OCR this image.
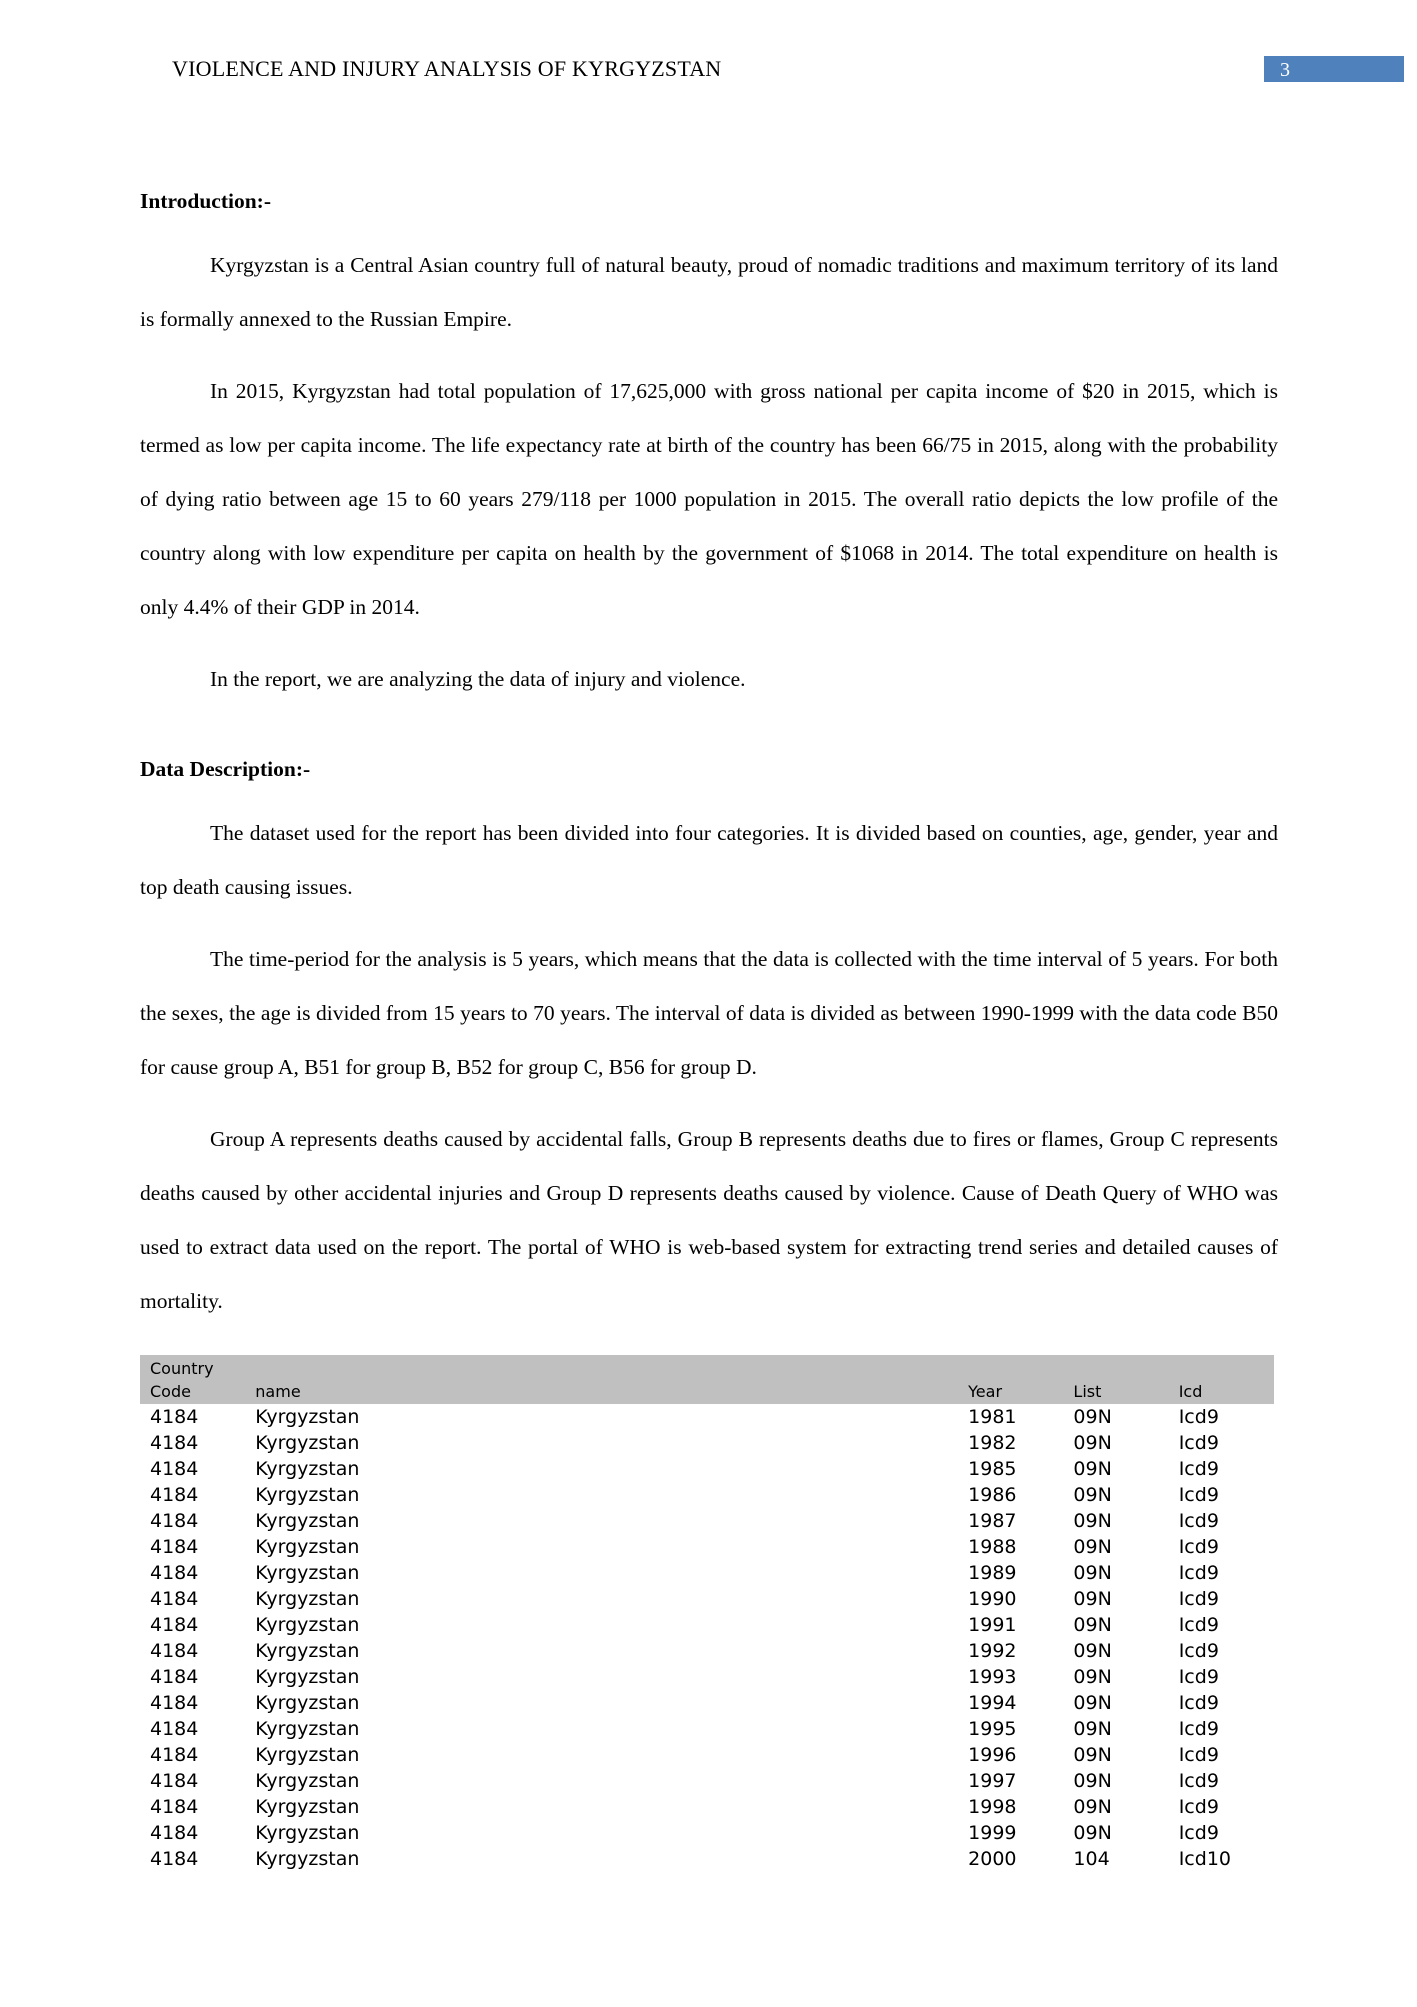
VIOLENCE AND INJURY ANALYSIS OF KYRGYZSTAN	3
Introduction:-

Kyrgyzstan is a Central Asian country full of natural beauty, proud of nomadic traditions and maximum territory of its land is formally annexed to the Russian Empire.

In 2015, Kyrgyzstan had total population of 17,625,000 with gross national per capita income of $20 in 2015, which is termed as low per capita income. The life expectancy rate at birth of the country has been 66/75 in 2015, along with the probability of dying ratio between age 15 to 60 years 279/118 per 1000 population in 2015. The overall ratio depicts the low profile of the country along with low expenditure per capita on health by the government of $1068 in 2014. The total expenditure on health is only 4.4% of their GDP in 2014.

In the report, we are analyzing the data of injury and violence.

Data Description:-

The dataset used for the report has been divided into four categories. It is divided based on counties, age, gender, year and top death causing issues.

The time-period for the analysis is 5 years, which means that the data is collected with the time interval of 5 years. For both the sexes, the age is divided from 15 years to 70 years. The interval of data is divided as between 1990-1999 with the data code B50 for cause group A, B51 for group B, B52 for group C, B56 for group D.

Group A represents deaths caused by accidental falls, Group B represents deaths due to fires or flames, Group C represents deaths caused by other accidental injuries and Group D represents deaths caused by violence. Cause of Death Query of WHO was used to extract data used on the report. The portal of WHO is web-based system for extracting trend series and detailed causes of mortality.

Country
Code	name	Year	List	Icd
4184	Kyrgyzstan	1981	09N	Icd9
4184	Kyrgyzstan	1982	09N	Icd9
4184	Kyrgyzstan	1985	09N	Icd9
4184	Kyrgyzstan	1986	09N	Icd9
4184	Kyrgyzstan	1987	09N	Icd9
4184	Kyrgyzstan	1988	09N	Icd9
4184	Kyrgyzstan	1989	09N	Icd9
4184	Kyrgyzstan	1990	09N	Icd9
4184	Kyrgyzstan	1991	09N	Icd9
4184	Kyrgyzstan	1992	09N	Icd9
4184	Kyrgyzstan	1993	09N	Icd9
4184	Kyrgyzstan	1994	09N	Icd9
4184	Kyrgyzstan	1995	09N	Icd9
4184	Kyrgyzstan	1996	09N	Icd9
4184	Kyrgyzstan	1997	09N	Icd9
4184	Kyrgyzstan	1998	09N	Icd9
4184	Kyrgyzstan	1999	09N	Icd9
4184	Kyrgyzstan	2000	104	Icd10
